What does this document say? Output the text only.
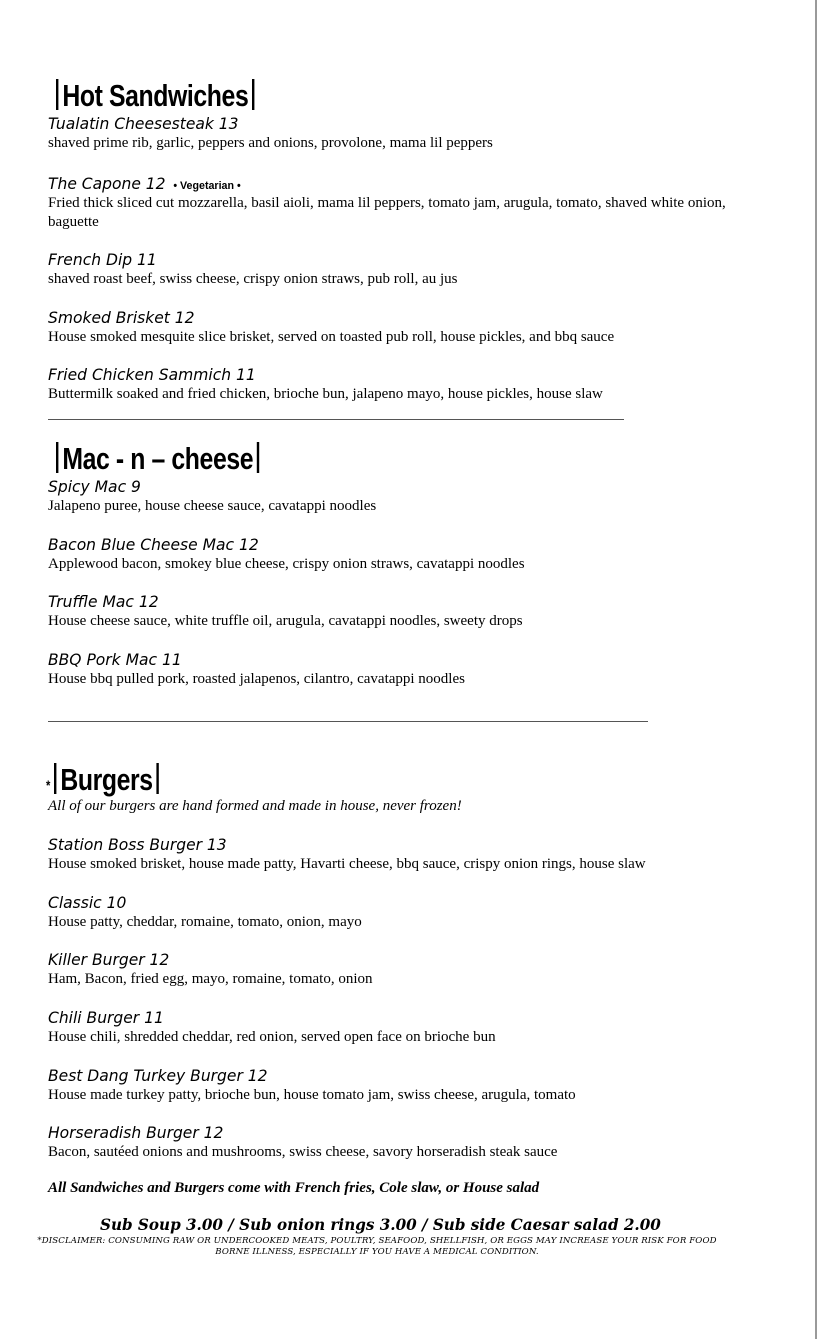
Hot Sandwiches
Tualatin Cheesesteak 13
shaved prime rib, garlic, peppers and onions, provolone, mama lil peppers
The Capone 12 • Vegetarian •
Fried thick sliced cut mozzarella, basil aioli, mama lil peppers, tomato jam, arugula, tomato, shaved white onion, baguette
French Dip 11
shaved roast beef, swiss cheese, crispy onion straws, pub roll, au jus
Smoked Brisket 12
House smoked mesquite slice brisket, served on toasted pub roll, house pickles, and bbq sauce
Fried Chicken Sammich 11
Buttermilk soaked and fried chicken, brioche bun, jalapeno mayo, house pickles, house slaw
Mac - n – cheese
Spicy Mac 9
Jalapeno puree, house cheese sauce, cavatappi noodles
Bacon Blue Cheese Mac 12
Applewood bacon, smokey blue cheese, crispy onion straws, cavatappi noodles
Truffle Mac 12
House cheese sauce, white truffle oil, arugula, cavatappi noodles, sweety drops
BBQ Pork Mac 11
House bbq pulled pork, roasted jalapenos, cilantro, cavatappi noodles
* Burgers
All of our burgers are hand formed and made in house, never frozen!
Station Boss Burger 13
House smoked brisket, house made patty, Havarti cheese, bbq sauce, crispy onion rings, house slaw
Classic 10
House patty, cheddar, romaine, tomato, onion, mayo
Killer Burger 12
Ham, Bacon, fried egg, mayo, romaine, tomato, onion
Chili Burger 11
House chili, shredded cheddar, red onion, served open face on brioche bun
Best Dang Turkey Burger 12
House made turkey patty, brioche bun, house tomato jam, swiss cheese, arugula, tomato
Horseradish Burger 12
Bacon, sautéed onions and mushrooms, swiss cheese, savory horseradish steak sauce
All Sandwiches and Burgers come with French fries, Cole slaw, or House salad
Sub Soup 3.00 / Sub onion rings 3.00 / Sub side Caesar salad 2.00
*DISCLAIMER: CONSUMING RAW OR UNDERCOOKED MEATS, POULTRY, SEAFOOD, SHELLFISH, OR EGGS MAY INCREASE YOUR RISK FOR FOOD BORNE ILLNESS, ESPECIALLY IF YOU HAVE A MEDICAL CONDITION.
